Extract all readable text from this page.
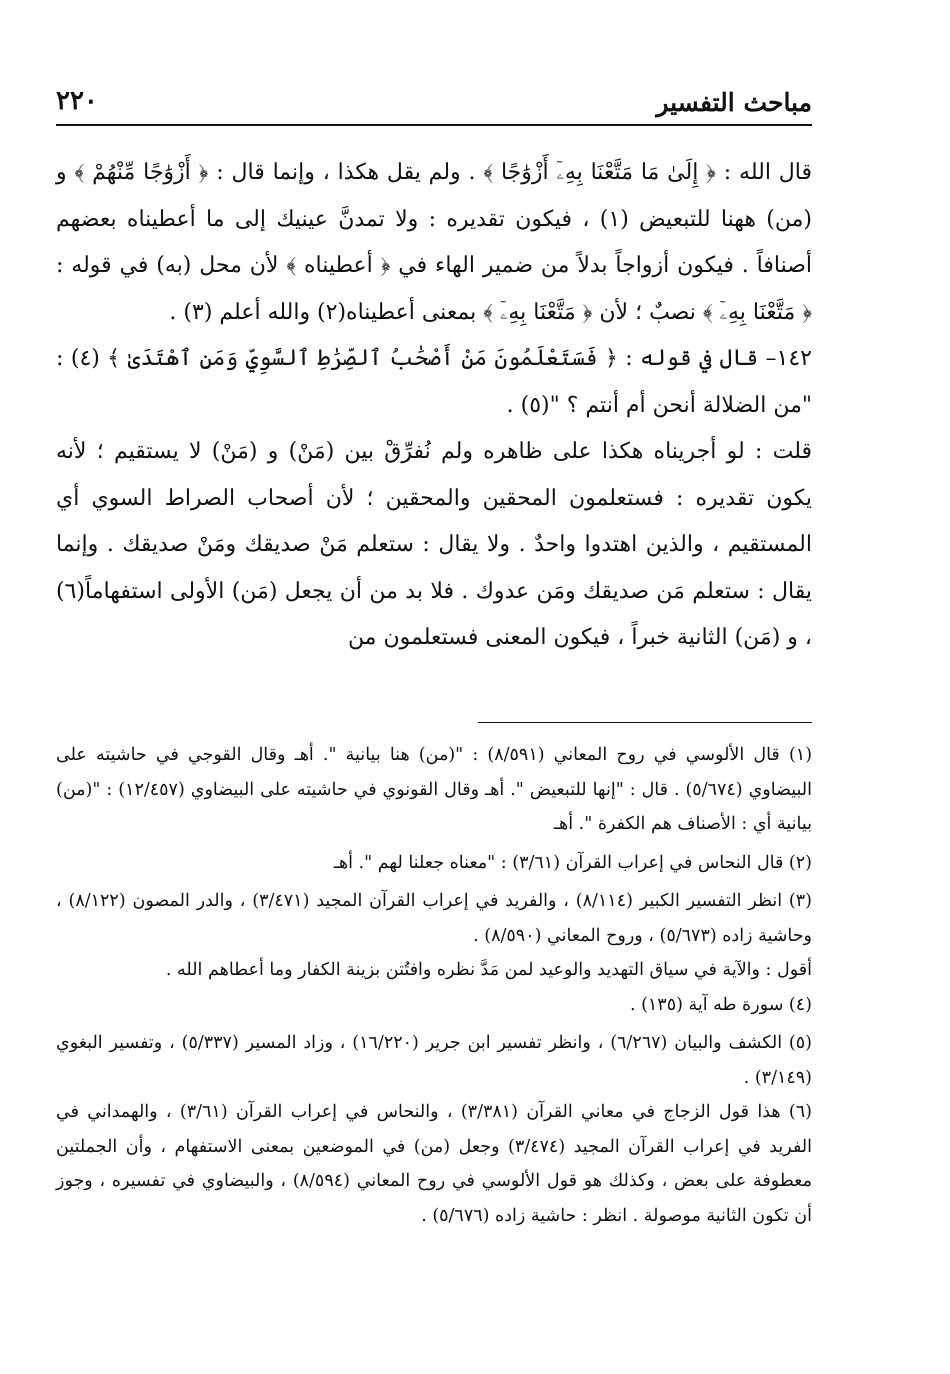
مباحث التفسير
٢٢٠

قال الله : ﴿ إِلَىٰ مَا مَتَّعْنَا بِهِۦٓ أَزْوَٰجًا ﴾ . ولم يقل هكذا ، وإنما قال : ﴿ أَزْوَٰجًا مِّنْهُمْ ﴾ و (من) ههنا للتبعيض (١) ، فيكون تقديره : ولا تمدنَّ عينيك إلى ما أعطيناه بعضهم أصنافاً . فيكون أزواجاً بدلاً من ضمير الهاء في ﴿ أعطيناه ﴾ لأن محل (به) في قوله : ﴿ مَتَّعْنَا بِهِۦٓ ﴾ نصبٌ ؛ لأن ﴿ مَتَّعْنَا بِهِۦٓ ﴾ بمعنى أعطيناه(٢) والله أعلم (٣) .

١٤٢– قال في قوله : ﴿ فَسَتَعْلَمُونَ مَنْ أَصْحَٰبُ ٱلصِّرَٰطِ ٱلسَّوِيِّ وَمَنِ ٱهْتَدَىٰ ﴾ (٤) : "من الضلالة أنحن أم أنتم ؟ "(٥) .

قلت : لو أجريناه هكذا على ظاهره ولم نُفرِّقْ بين (مَنْ) و (مَنْ) لا يستقيم ؛ لأنه يكون تقديره : فستعلمون المحقين والمحقين ؛ لأن أصحاب الصراط السوي أي المستقيم ، والذين اهتدوا واحدٌ . ولا يقال : ستعلم مَنْ صديقك ومَنْ صديقك . وإنما يقال : ستعلم مَن صديقك ومَن عدوك . فلا بد من أن يجعل (مَن) الأولى استفهاماً(٦) ، و (مَن) الثانية خبراً ، فيكون المعنى فستعلمون من

(١) قال الألوسي في روح المعاني (٨/٥٩١) : "(من) هنا بيانية ". أهـ وقال القوجي في حاشيته على البيضاوي (٥/٦٧٤) . قال : "إنها للتبعيض ". أهـ وقال القونوي في حاشيته على البيضاوي (١٢/٤٥٧) : "(من) بيانية أي : الأصناف هم الكفرة ". أهـ

(٢) قال النحاس في إعراب القرآن (٣/٦١) : "معناه جعلنا لهم ". أهـ

(٣) انظر التفسير الكبير (٨/١١٤) ، والفريد في إعراب القرآن المجيد (٣/٤٧١) ، والدر المصون (٨/١٢٢) ، وحاشية زاده (٥/٦٧٣) ، وروح المعاني (٨/٥٩٠) .

أقول : والآية في سياق التهديد والوعيد لمن مَدَّ نظره وافتُتن بزينة الكفار وما أعطاهم الله .

(٤) سورة طه آية (١٣٥) .

(٥) الكشف والبيان (٦/٢٦٧) ، وانظر تفسير ابن جرير (١٦/٢٢٠) ، وزاد المسير (٥/٣٣٧) ، وتفسير البغوي (٣/١٤٩) .

(٦) هذا قول الزجاج في معاني القرآن (٣/٣٨١) ، والنحاس في إعراب القرآن (٣/٦١) ، والهمداني في الفريد في إعراب القرآن المجيد (٣/٤٧٤) وجعل (من) في الموضعين بمعنى الاستفهام ، وأن الجملتين معطوفة على بعض ، وكذلك هو قول الألوسي في روح المعاني (٨/٥٩٤) ، والبيضاوي في تفسيره ، وجوز أن تكون الثانية موصولة . انظر : حاشية زاده (٥/٦٧٦) .
